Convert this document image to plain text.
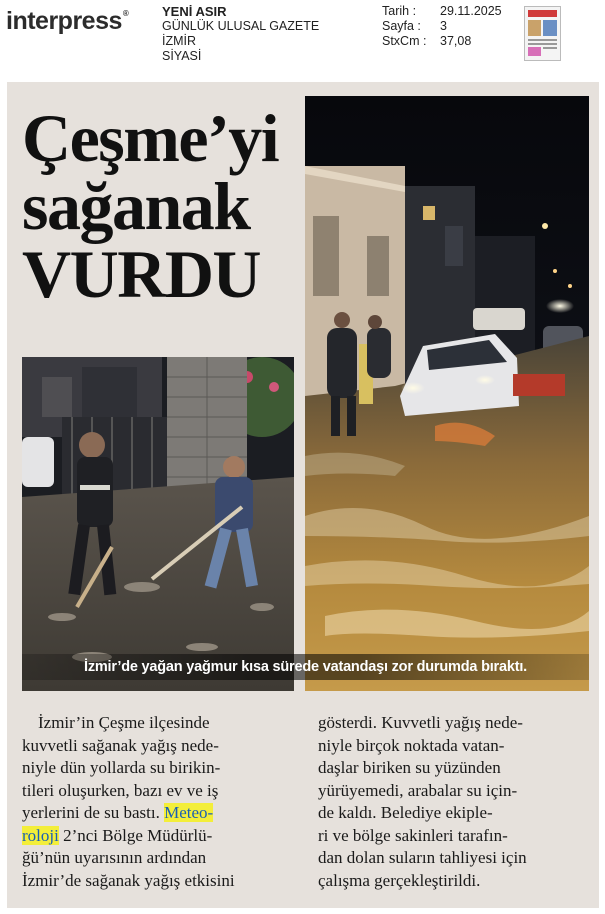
interpress®	YENİ ASIR
GÜNLÜK ULUSAL GAZETE
İZMİR
SİYASİ
Tarih :	29.11.2025
Sayfa :	3
StxCm :	37,08
Çeşme’yi
sağanak
VURDU
İzmir’de yağan yağmur kısa sürede vatandaşı zor durumda bıraktı.
İzmir’in Çeşme ilçesinde
kuvvetli sağanak yağış nede-
niyle dün yollarda su birikin-
tileri oluşurken, bazı ev ve iş
yerlerini de su bastı. Meteo-
roloji 2’nci Bölge Müdürlü-
ğü’nün uyarısının ardından
İzmir’de sağanak yağış etkisini
gösterdi. Kuvvetli yağış nede-
niyle birçok noktada vatan-
daşlar biriken su yüzünden
yürüyemedi, arabalar su için-
de kaldı. Belediye ekiple-
ri ve bölge sakinleri tarafın-
dan dolan suların tahliyesi için
çalışma gerçekleştirildi.
